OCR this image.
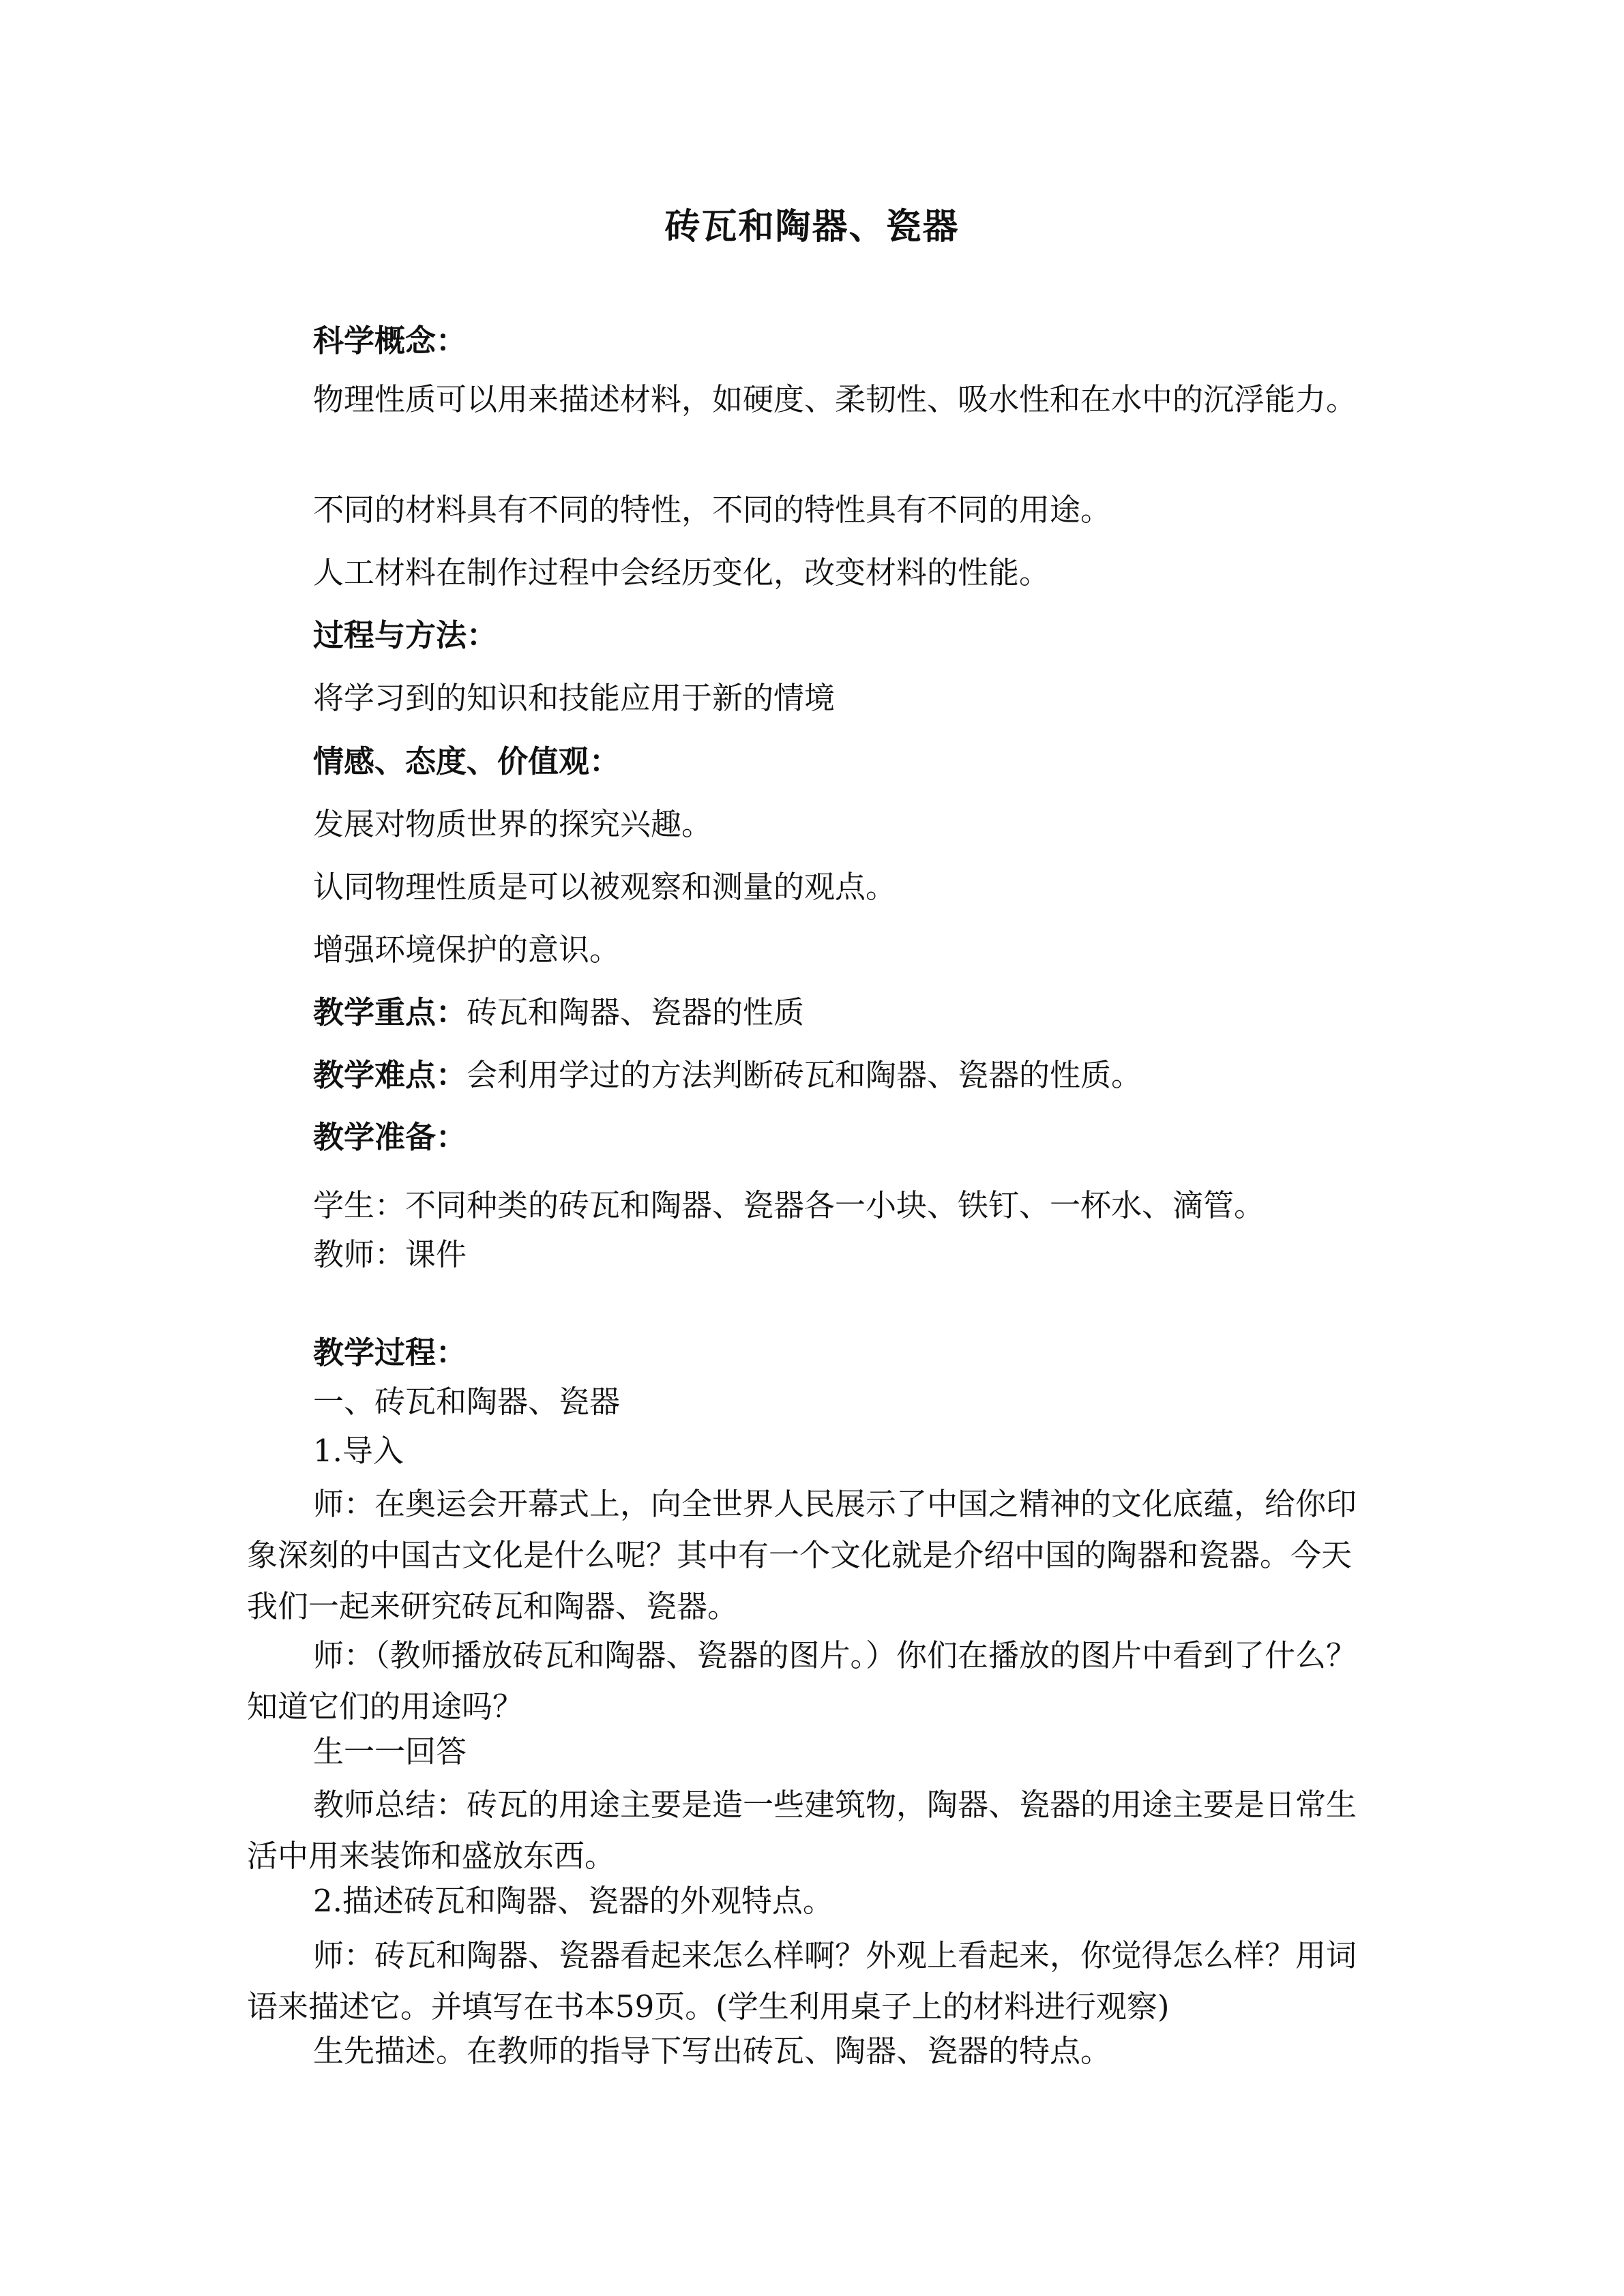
砖瓦和陶器、瓷器
科学概念：
物理性质可以用来描述材料，如硬度、柔韧性、吸水性和在水中的沉浮能力。
不同的材料具有不同的特性，不同的特性具有不同的用途。
人工材料在制作过程中会经历变化，改变材料的性能。
过程与方法：
将学习到的知识和技能应用于新的情境
情感、态度、价值观：
发展对物质世界的探究兴趣。
认同物理性质是可以被观察和测量的观点。
增强环境保护的意识。
教学重点：砖瓦和陶器、瓷器的性质
教学难点：会利用学过的方法判断砖瓦和陶器、瓷器的性质。
教学准备：
学生：不同种类的砖瓦和陶器、瓷器各一小块、铁钉、一杯水、滴管。
教师：课件
教学过程：
一、砖瓦和陶器、瓷器
1.导入
师：在奥运会开幕式上，向全世界人民展示了中国之精神的文化底蕴，给你印象深刻的中国古文化是什么呢？其中有一个文化就是介绍中国的陶器和瓷器。今天我们一起来研究砖瓦和陶器、瓷器。
师：（教师播放砖瓦和陶器、瓷器的图片。）你们在播放的图片中看到了什么？知道它们的用途吗？
生一一回答
教师总结：砖瓦的用途主要是造一些建筑物，陶器、瓷器的用途主要是日常生活中用来装饰和盛放东西。
2.描述砖瓦和陶器、瓷器的外观特点。
师：砖瓦和陶器、瓷器看起来怎么样啊？外观上看起来，你觉得怎么样？用词语来描述它。并填写在书本59页。(学生利用桌子上的材料进行观察)
生先描述。在教师的指导下写出砖瓦、陶器、瓷器的特点。
